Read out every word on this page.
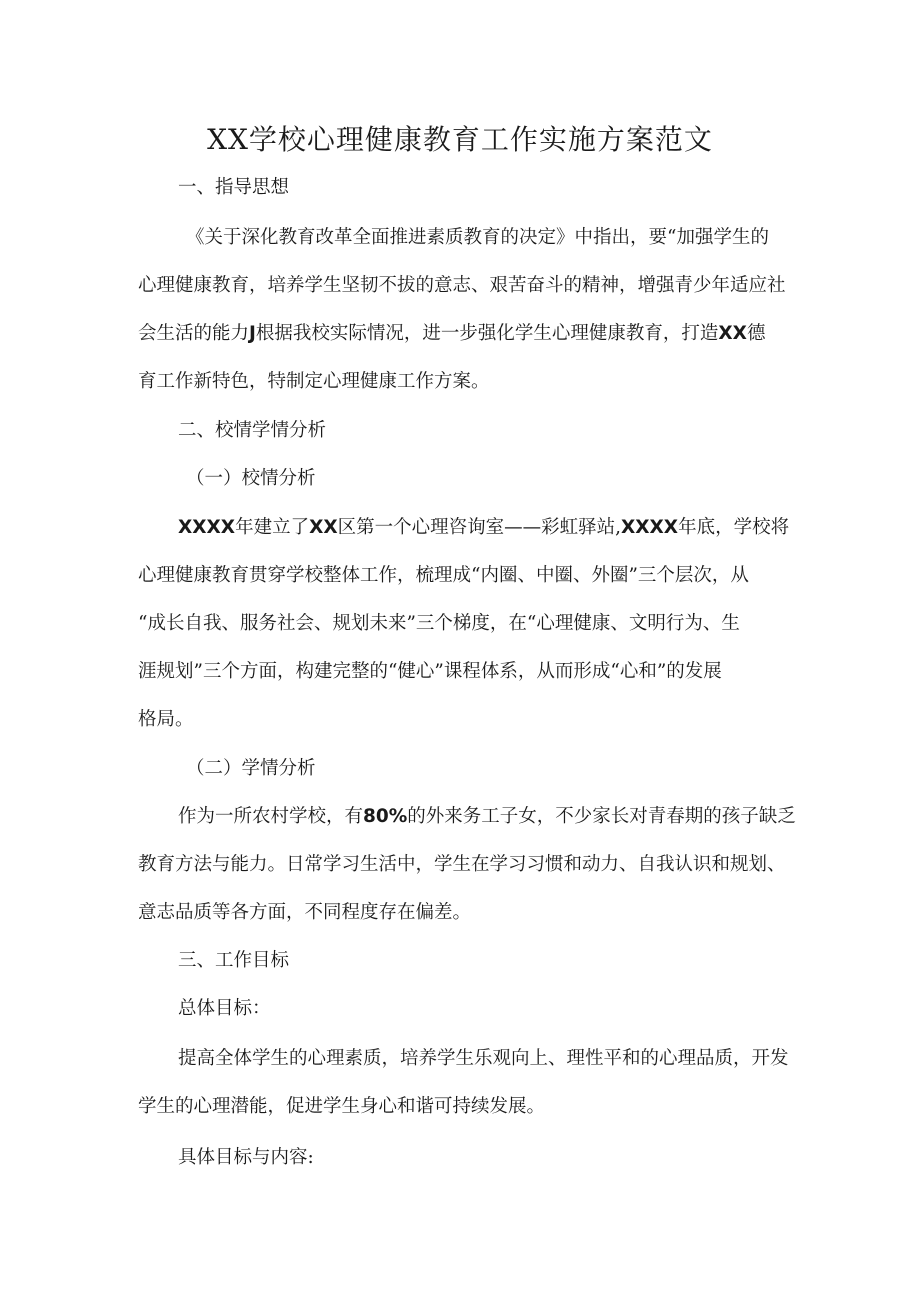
XX学校心理健康教育工作实施方案范文
一、指导思想
《关于深化教育改革全面推进素质教育的决定》中指出，要“加强学生的
心理健康教育，培养学生坚韧不拔的意志、艰苦奋斗的精神，增强青少年适应社
会生活的能力J根据我校实际情况，进一步强化学生心理健康教育，打造XX德
育工作新特色，特制定心理健康工作方案。
二、校情学情分析
（一）校情分析
XXXX年建立了XX区第一个心理咨询室——彩虹驿站,XXXX年底，学校将
心理健康教育贯穿学校整体工作，梳理成“内圈、中圈、外圈”三个层次，从
“成长自我、服务社会、规划未来”三个梯度，在“心理健康、文明行为、生
涯规划”三个方面，构建完整的“健心”课程体系，从而形成“心和”的发展
格局。
（二）学情分析
作为一所农村学校，有80%的外来务工子女，不少家长对青春期的孩子缺乏
教育方法与能力。日常学习生活中，学生在学习习惯和动力、自我认识和规划、
意志品质等各方面，不同程度存在偏差。
三、工作目标
总体目标：
提高全体学生的心理素质，培养学生乐观向上、理性平和的心理品质，开发
学生的心理潜能，促进学生身心和谐可持续发展。
具体目标与内容:
